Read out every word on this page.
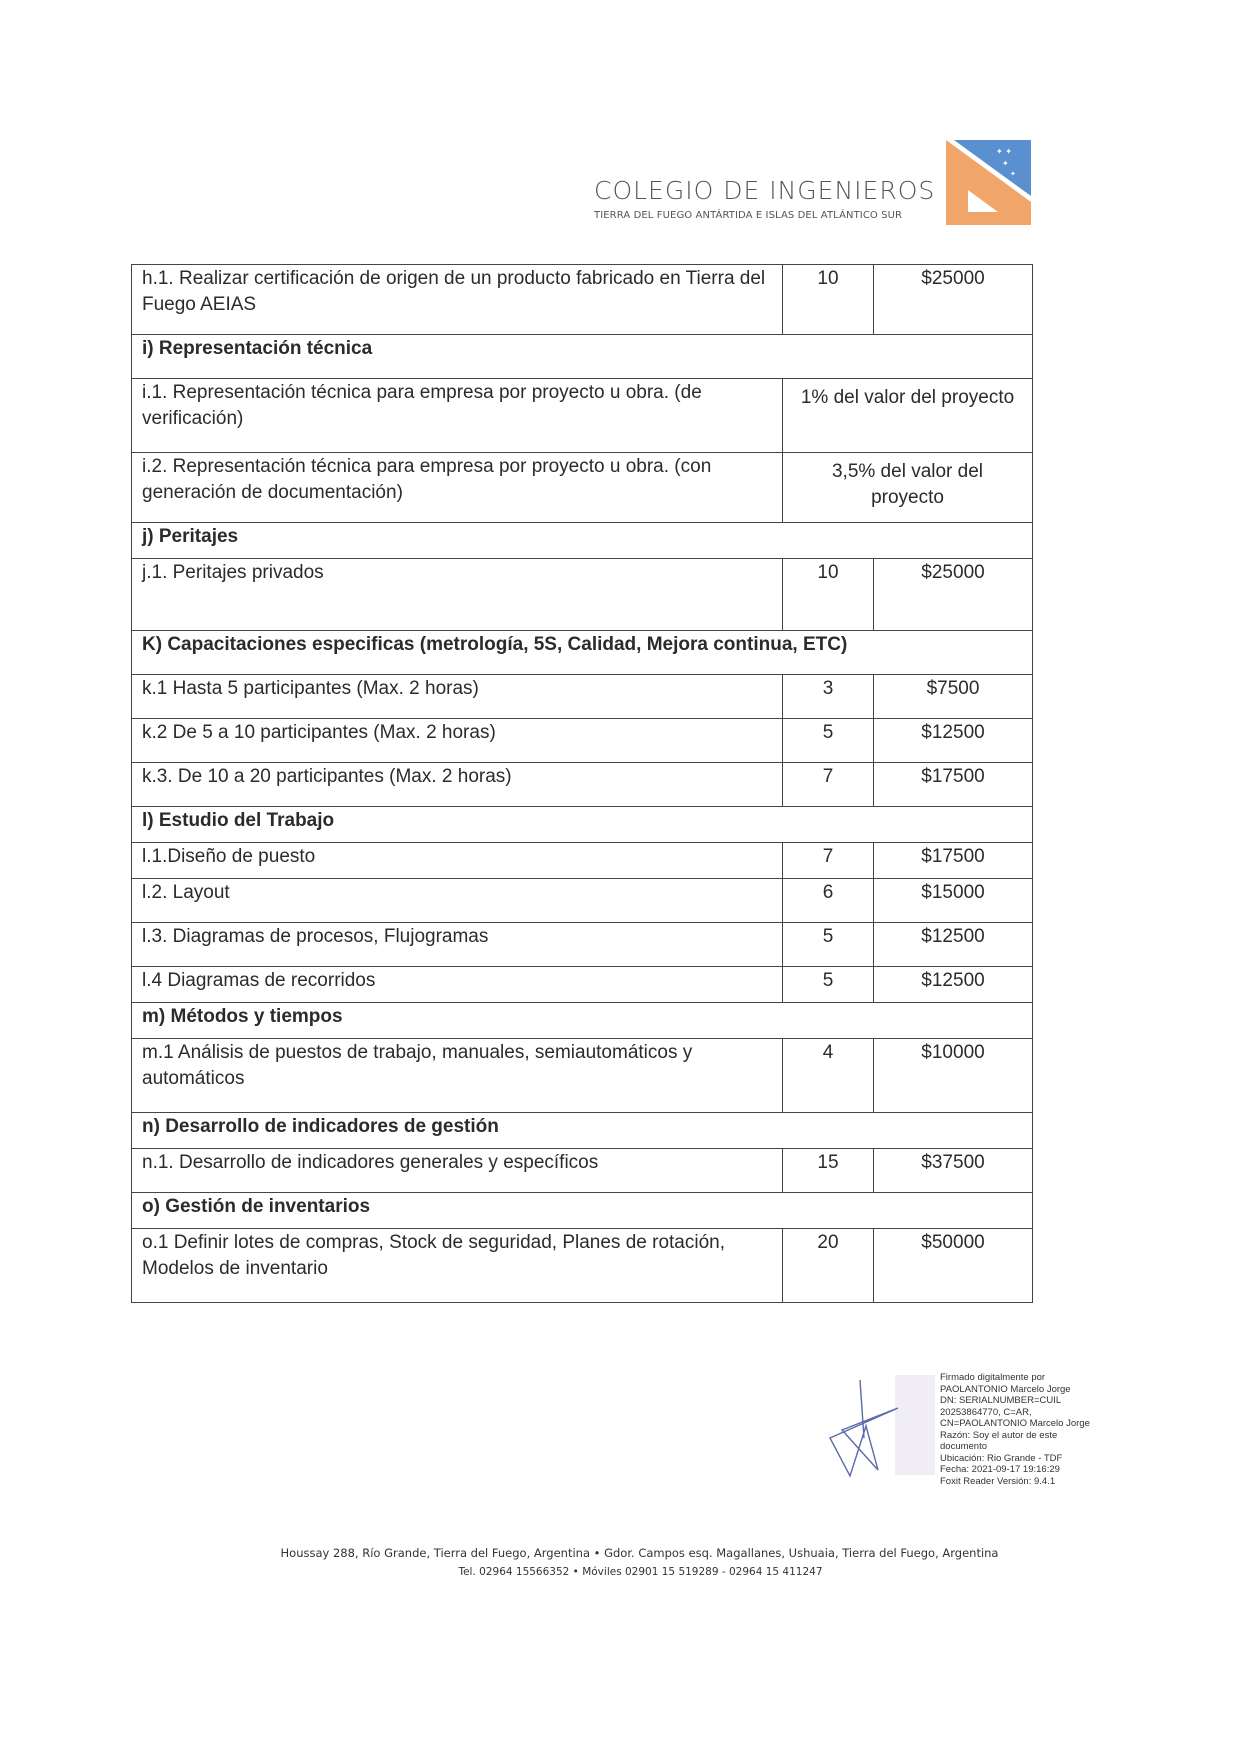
COLEGIO DE INGENIEROS
TIERRA DEL FUEGO ANTÁRTIDA E ISLAS DEL ATLÁNTICO SUR
✦ ✦
✦
✦
h.1. Realizar certificación de origen de un producto fabricado en Tierra del Fuego AEIAS	10	$25000
i) Representación técnica		
i.1. Representación técnica para empresa por proyecto u obra. (de verificación)	1% del valor del proyecto	
i.2. Representación técnica para empresa por proyecto u obra. (con generación de documentación)	3,5% del valor del proyecto	
j) Peritajes		
j.1. Peritajes privados	10	$25000
K) Capacitaciones especificas (metrología, 5S, Calidad, Mejora continua, ETC)		
k.1 Hasta 5 participantes (Max. 2 horas)	3	$7500
k.2 De 5 a 10 participantes (Max. 2 horas)	5	$12500
k.3. De 10 a 20 participantes (Max. 2 horas)	7	$17500
l) Estudio del Trabajo		
l.1.Diseño de puesto	7	$17500
l.2. Layout	6	$15000
l.3. Diagramas de procesos, Flujogramas	5	$12500
l.4 Diagramas de recorridos	5	$12500
m) Métodos y tiempos		
m.1 Análisis de puestos de trabajo, manuales, semiautomáticos y automáticos	4	$10000
n) Desarrollo de indicadores de gestión		
n.1. Desarrollo de indicadores generales y específicos	15	$37500
o) Gestión de inventarios		
o.1 Definir lotes de compras, Stock de seguridad, Planes de rotación, Modelos de inventario	20	$50000
Firmado digitalmente por
PAOLANTONIO Marcelo Jorge
DN: SERIALNUMBER=CUIL
20253864770, C=AR,
CN=PAOLANTONIO Marcelo Jorge
Razón: Soy el autor de este
documento
Ubicación: Rio Grande - TDF
Fecha: 2021-09-17 19:16:29
Foxit Reader Versión: 9.4.1
Houssay 288, Río Grande, Tierra del Fuego, Argentina • Gdor. Campos esq. Magallanes, Ushuaia, Tierra del Fuego, Argentina
Tel. 02964 15566352 • Móviles 02901 15 519289 - 02964 15 411247
